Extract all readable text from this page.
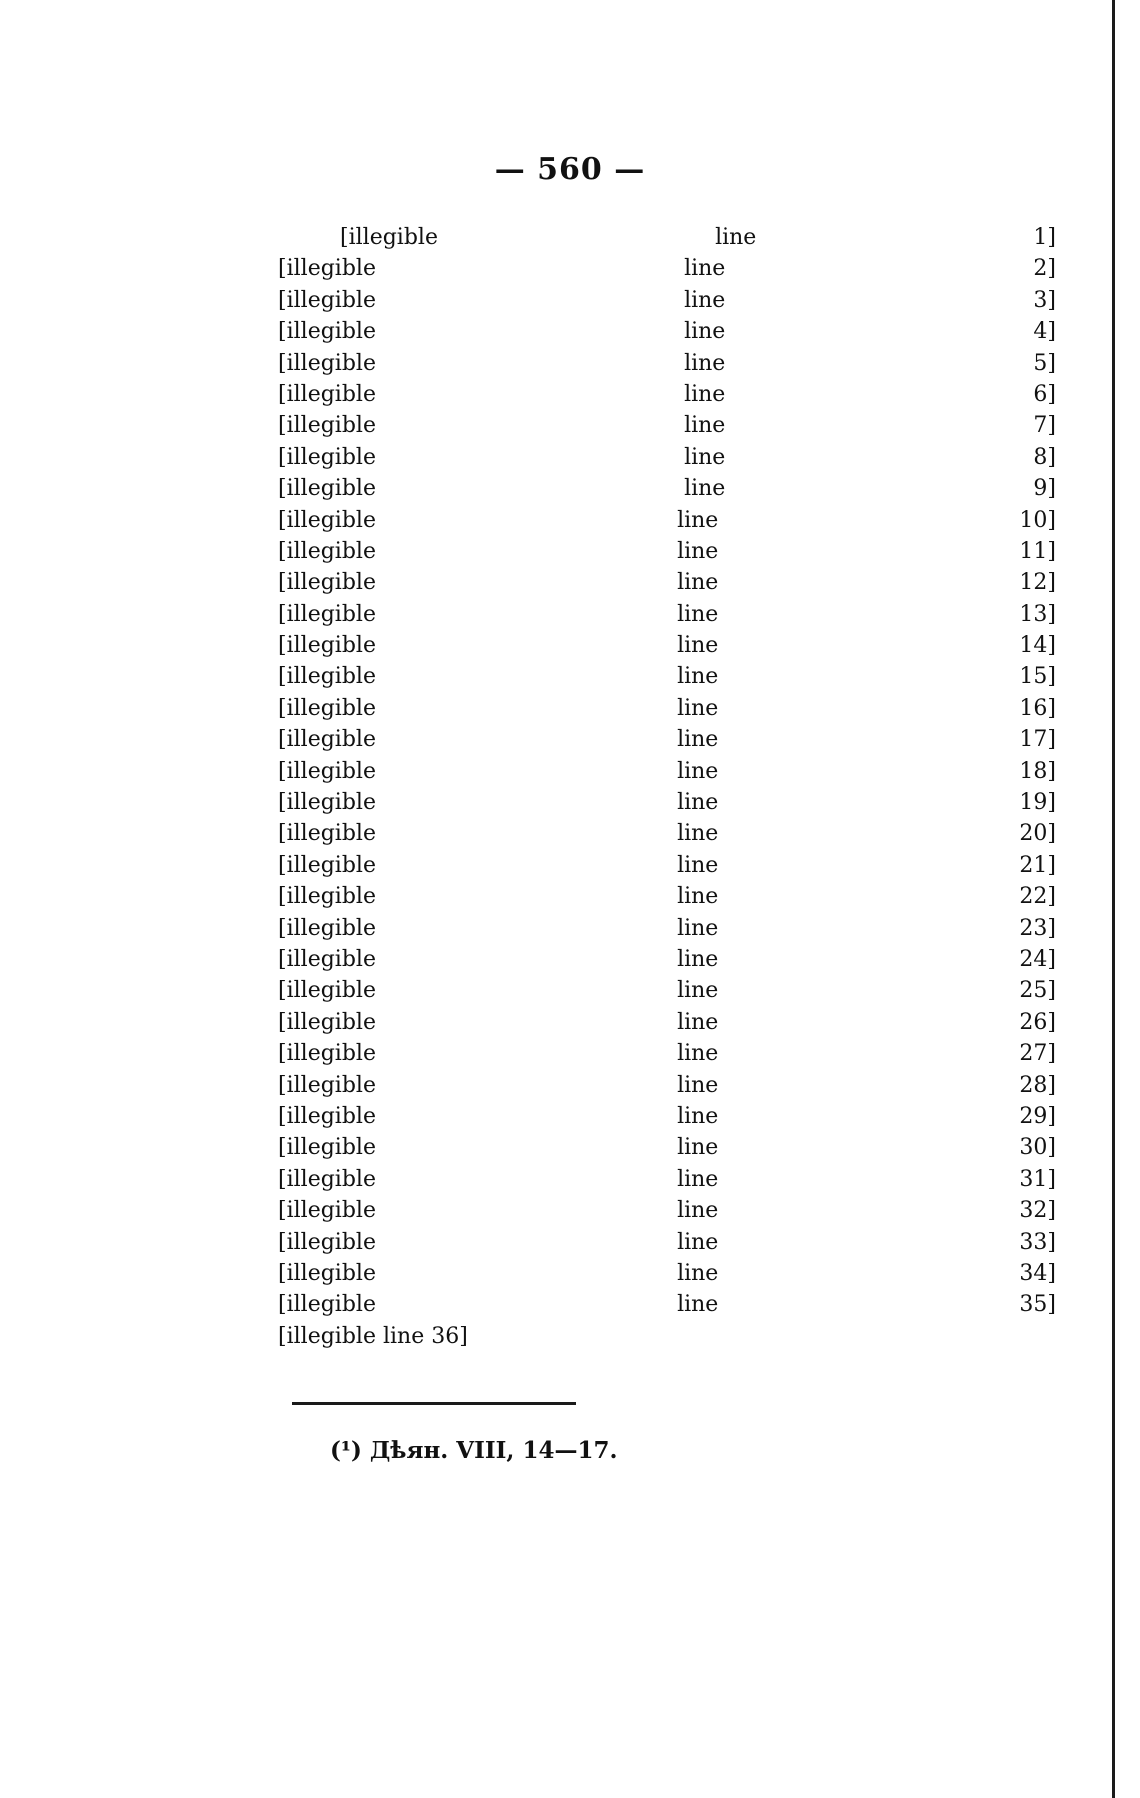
— 560 —
[illegible line 1]
[illegible line 2]
[illegible line 3]
[illegible line 4]
[illegible line 5]
[illegible line 6]
[illegible line 7]
[illegible line 8]
[illegible line 9]
[illegible line 10]
[illegible line 11]
[illegible line 12]
[illegible line 13]
[illegible line 14]
[illegible line 15]
[illegible line 16]
[illegible line 17]
[illegible line 18]
[illegible line 19]
[illegible line 20]
[illegible line 21]
[illegible line 22]
[illegible line 23]
[illegible line 24]
[illegible line 25]
[illegible line 26]
[illegible line 27]
[illegible line 28]
[illegible line 29]
[illegible line 30]
[illegible line 31]
[illegible line 32]
[illegible line 33]
[illegible line 34]
[illegible line 35]
[illegible line 36]
(¹) Дѣян. VIII, 14—17.
